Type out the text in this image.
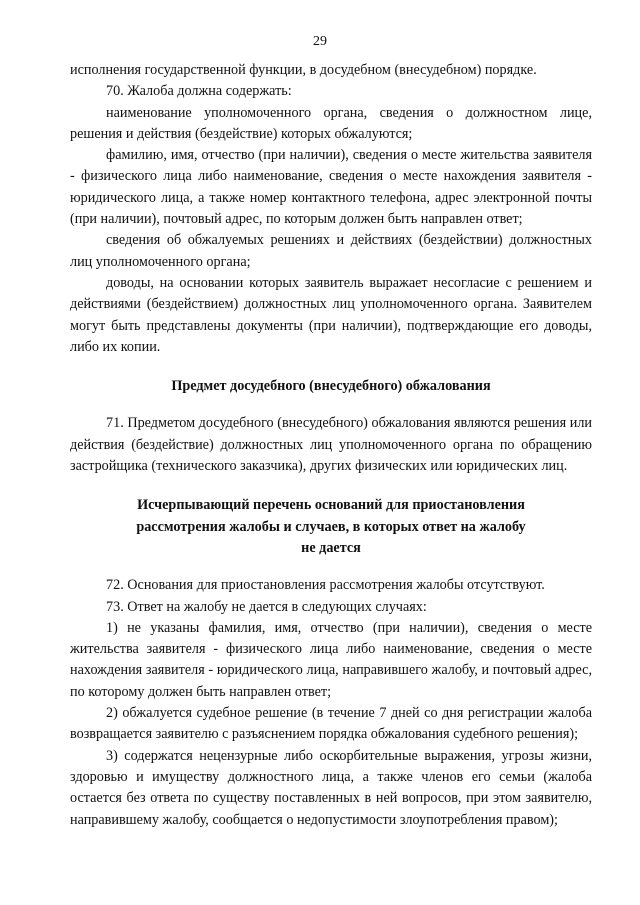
29

исполнения государственной функции, в досудебном (внесудебном) порядке.

70. Жалоба должна содержать:

наименование уполномоченного органа, сведения о должностном лице, решения и действия (бездействие) которых обжалуются;

фамилию, имя, отчество (при наличии), сведения о месте жительства заявителя - физического лица либо наименование, сведения о месте нахождения заявителя - юридического лица, а также номер контактного телефона, адрес электронной почты (при наличии), почтовый адрес, по которым должен быть направлен ответ;

сведения об обжалуемых решениях и действиях (бездействии) должностных лиц уполномоченного органа;

доводы, на основании которых заявитель выражает несогласие с решением и действиями (бездействием) должностных лиц уполномоченного органа. Заявителем могут быть представлены документы (при наличии), подтверждающие его доводы, либо их копии.

Предмет досудебного (внесудебного) обжалования

71. Предметом досудебного (внесудебного) обжалования являются решения или действия (бездействие) должностных лиц уполномоченного органа по обращению застройщика (технического заказчика), других физических или юридических лиц.

Исчерпывающий перечень оснований для приостановления

рассмотрения жалобы и случаев, в которых ответ на жалобу

не дается

72. Основания для приостановления рассмотрения жалобы отсутствуют.

73. Ответ на жалобу не дается в следующих случаях:

1) не указаны фамилия, имя, отчество (при наличии), сведения о месте жительства заявителя - физического лица либо наименование, сведения о месте нахождения заявителя - юридического лица, направившего жалобу, и почтовый адрес, по которому должен быть направлен ответ;

2) обжалуется судебное решение (в течение 7 дней со дня регистрации жалоба возвращается заявителю с разъяснением порядка обжалования судебного решения);

3) содержатся нецензурные либо оскорбительные выражения, угрозы жизни, здоровью и имуществу должностного лица, а также членов его семьи (жалоба остается без ответа по существу поставленных в ней вопросов, при этом заявителю, направившему жалобу, сообщается о недопустимости злоупотребления правом);
